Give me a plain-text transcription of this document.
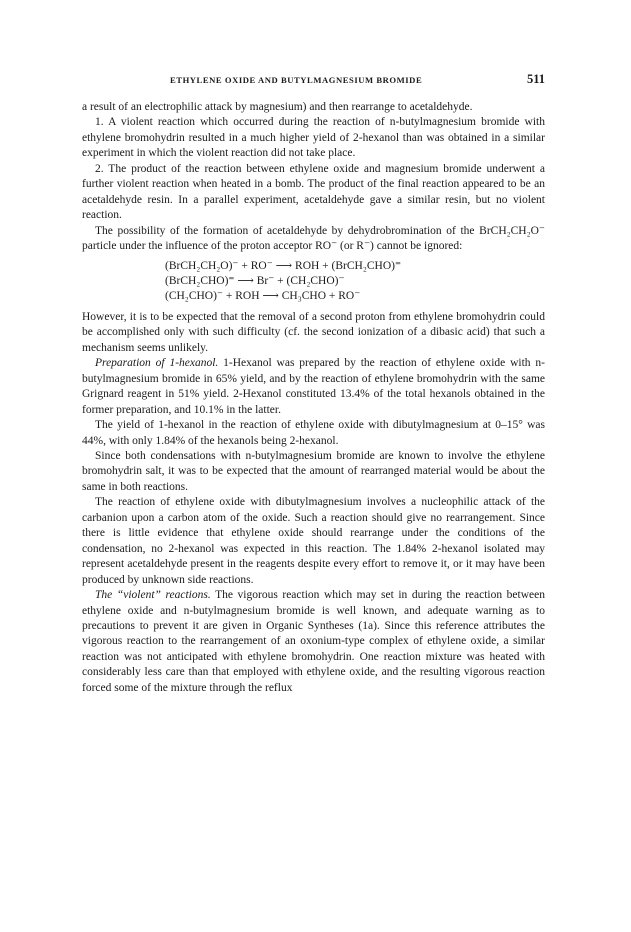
ETHYLENE OXIDE AND BUTYLMAGNESIUM BROMIDE	511

a result of an electrophilic attack by magnesium) and then rearrange to acetaldehyde.

1. A violent reaction which occurred during the reaction of n-butylmagnesium bromide with ethylene bromohydrin resulted in a much higher yield of 2-hexanol than was obtained in a similar experiment in which the violent reaction did not take place.

2. The product of the reaction between ethylene oxide and magnesium bromide underwent a further violent reaction when heated in a bomb. The product of the final reaction appeared to be an acetaldehyde resin. In a parallel experiment, acetaldehyde gave a similar resin, but no violent reaction.

The possibility of the formation of acetaldehyde by dehydrobromination of the BrCH₂CH₂O⁻ particle under the influence of the proton acceptor RO⁻ (or R⁻) cannot be ignored:

(BrCH₂CH₂O)⁻ + RO⁻ ⟶ ROH + (BrCH₂CHO)⁼
(BrCH₂CHO)⁼ ⟶ Br⁻ + (CH₂CHO)⁻
(CH₂CHO)⁻ + ROH ⟶ CH₃CHO + RO⁻

However, it is to be expected that the removal of a second proton from ethylene bromohydrin could be accomplished only with such difficulty (cf. the second ionization of a dibasic acid) that such a mechanism seems unlikely.

Preparation of 1-hexanol. 1-Hexanol was prepared by the reaction of ethylene oxide with n-butylmagnesium bromide in 65% yield, and by the reaction of ethylene bromohydrin with the same Grignard reagent in 51% yield. 2-Hexanol constituted 13.4% of the total hexanols obtained in the former preparation, and 10.1% in the latter.

The yield of 1-hexanol in the reaction of ethylene oxide with dibutylmagnesium at 0–15° was 44%, with only 1.84% of the hexanols being 2-hexanol.

Since both condensations with n-butylmagnesium bromide are known to involve the ethylene bromohydrin salt, it was to be expected that the amount of rearranged material would be about the same in both reactions.

The reaction of ethylene oxide with dibutylmagnesium involves a nucleophilic attack of the carbanion upon a carbon atom of the oxide. Such a reaction should give no rearrangement. Since there is little evidence that ethylene oxide should rearrange under the conditions of the condensation, no 2-hexanol was expected in this reaction. The 1.84% 2-hexanol isolated may represent acetaldehyde present in the reagents despite every effort to remove it, or it may have been produced by unknown side reactions.

The “violent” reactions. The vigorous reaction which may set in during the reaction between ethylene oxide and n-butylmagnesium bromide is well known, and adequate warning as to precautions to prevent it are given in Organic Syntheses (1a). Since this reference attributes the vigorous reaction to the rearrangement of an oxonium-type complex of ethylene oxide, a similar reaction was not anticipated with ethylene bromohydrin. One reaction mixture was heated with considerably less care than that employed with ethylene oxide, and the resulting vigorous reaction forced some of the mixture through the reflux
